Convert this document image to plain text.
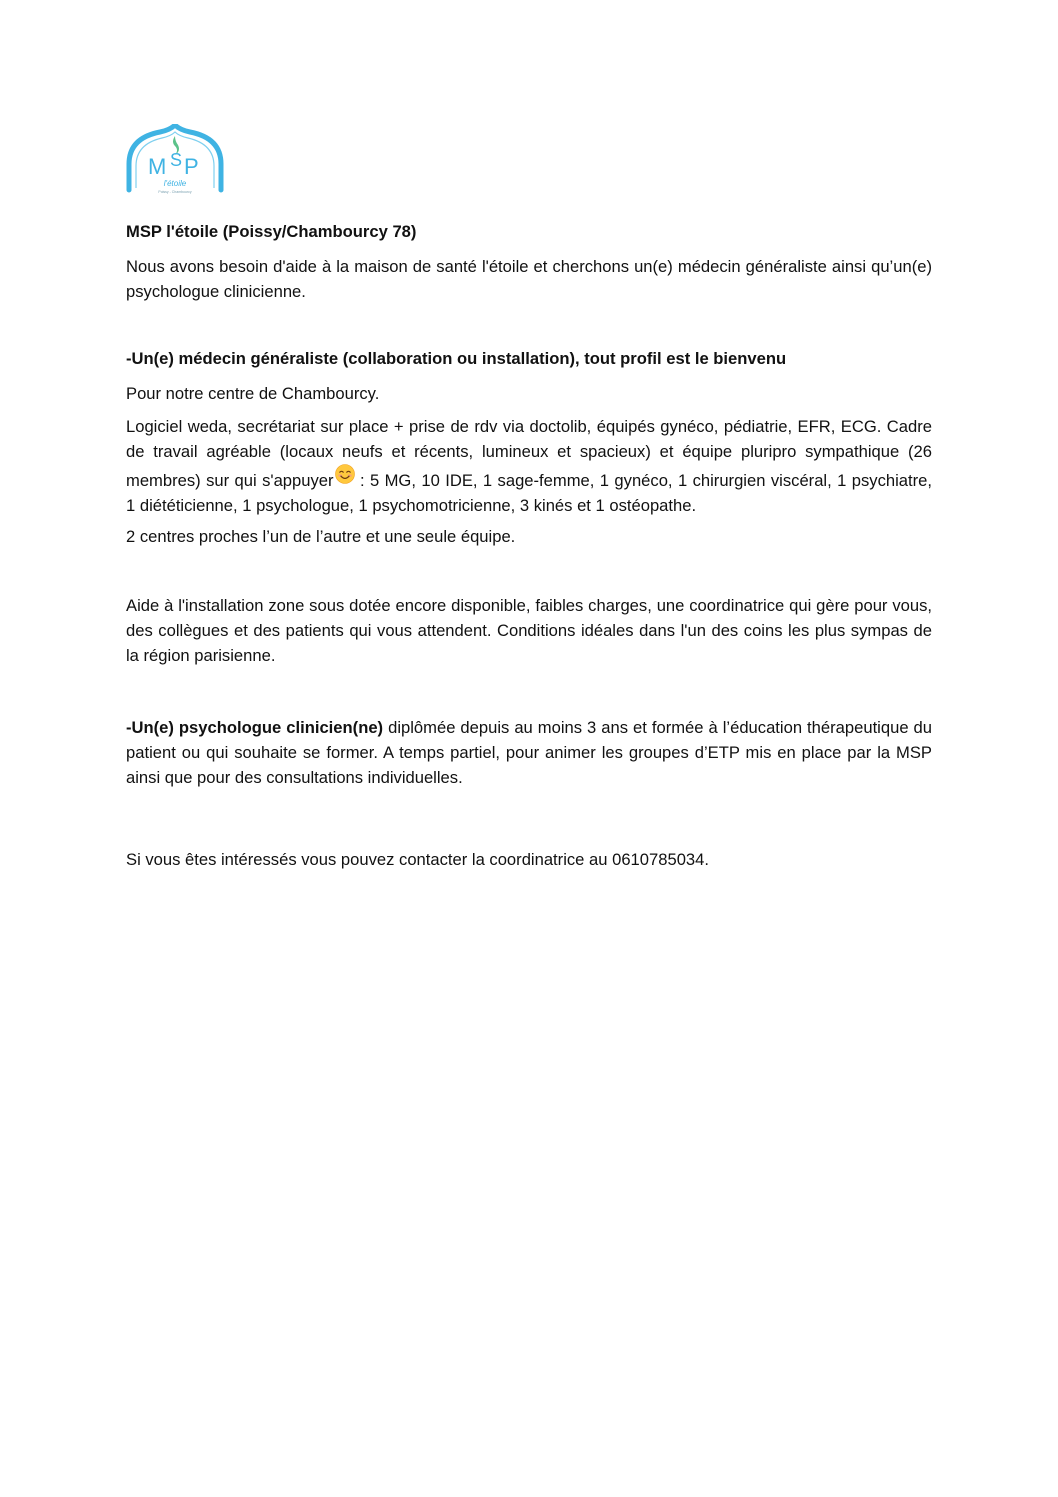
M S P
l'étoile
Poissy - Chambourcy
MSP l'étoile (Poissy/Chambourcy 78)
Nous avons besoin d'aide à la maison de santé l'étoile et cherchons un(e) médecin généraliste ainsi qu’un(e) psychologue clinicienne.
-Un(e) médecin généraliste (collaboration ou installation), tout profil est le bienvenu
Pour notre centre de Chambourcy.
Logiciel weda, secrétariat sur place + prise de rdv via doctolib, équipés gynéco, pédiatrie, EFR, ECG. Cadre de travail agréable (locaux neufs et récents, lumineux et spacieux) et équipe pluripro sympathique (26 membres) sur qui s'appuyer : 5 MG, 10 IDE, 1 sage-femme, 1 gynéco, 1 chirurgien viscéral, 1 psychiatre, 1 diététicienne, 1 psychologue, 1 psychomotricienne, 3 kinés et 1 ostéopathe.
2 centres proches l’un de l’autre et une seule équipe.
Aide à l'installation zone sous dotée encore disponible, faibles charges, une coordinatrice qui gère pour vous, des collègues et des patients qui vous attendent. Conditions idéales dans l'un des coins les plus sympas de la région parisienne.
-Un(e) psychologue clinicien(ne) diplômée depuis au moins 3 ans et formée à l’éducation thérapeutique du patient ou qui souhaite se former. A temps partiel, pour animer les groupes d’ETP mis en place par la MSP ainsi que pour des consultations individuelles.
Si vous êtes intéressés vous pouvez contacter la coordinatrice au 0610785034.
